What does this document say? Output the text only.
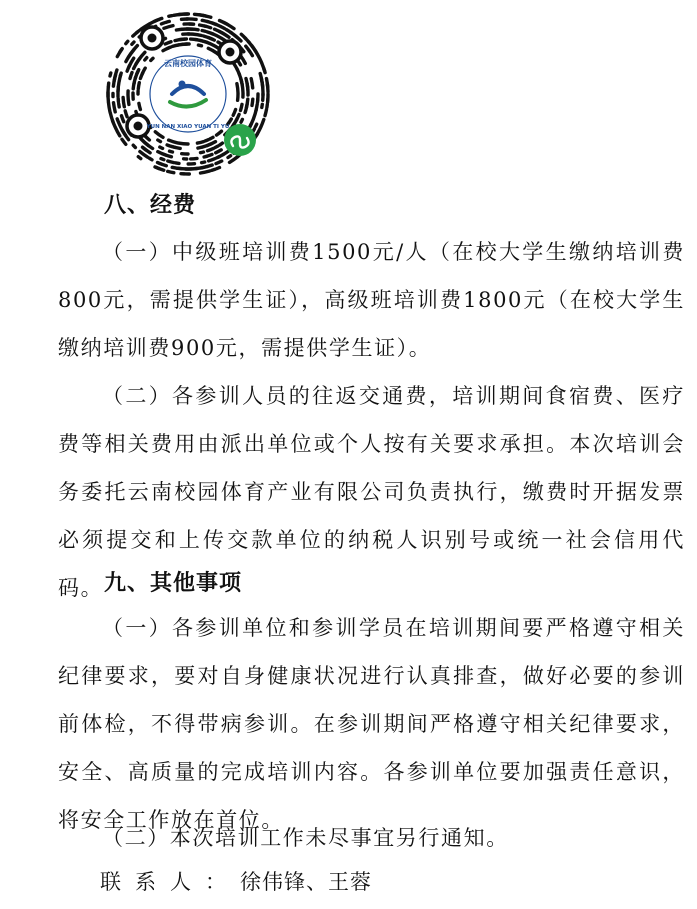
云南校园体育
YUN NAN XIAO YUAN TI YU
八、经费

（一）中级班培训费1500元/人（在校大学生缴纳培训费800元，需提供学生证），高级班培训费1800元（在校大学生缴纳培训费900元，需提供学生证）。

（二）各参训人员的往返交通费，培训期间食宿费、医疗费等相关费用由派出单位或个人按有关要求承担。本次培训会务委托云南校园体育产业有限公司负责执行，缴费时开据发票必须提交和上传交款单位的纳税人识别号或统一社会信用代码。 九、其他事项

（一）各参训单位和参训学员在培训期间要严格遵守相关纪律要求，要对自身健康状况进行认真排查，做好必要的参训前体检，不得带病参训。在参训期间严格遵守相关纪律要求，安全、高质量的完成培训内容。各参训单位要加强责任意识，将安全工作放在首位。

（二）本次培训工作未尽事宜另行通知。

联系人：徐伟锋、王蓉
